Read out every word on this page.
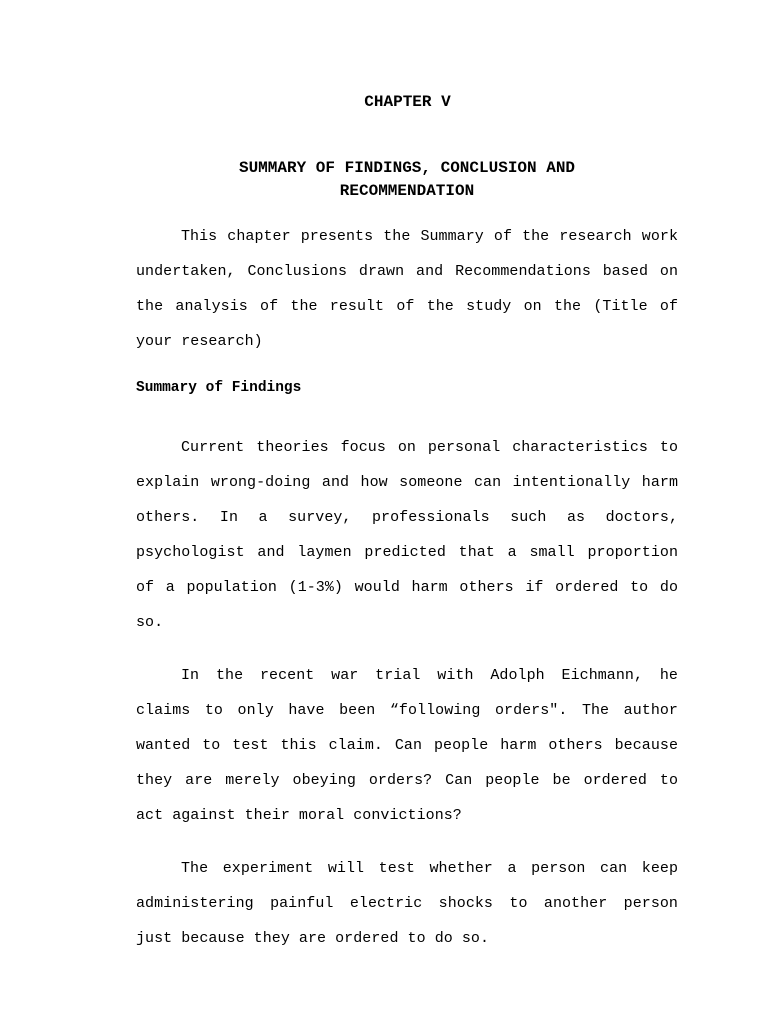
CHAPTER V
SUMMARY OF FINDINGS, CONCLUSION AND
RECOMMENDATION

This chapter presents the Summary of the research work undertaken, Conclusions drawn and Recommendations based on the analysis of the result of the study on the (Title of your research)

Summary of Findings

Current theories focus on personal characteristics to explain wrong-doing and how someone can intentionally harm others. In a survey, professionals such as doctors, psychologist and laymen predicted that a small proportion of a population (1-3%) would harm others if ordered to do so.

In the recent war trial with Adolph Eichmann, he claims to only have been “following orders". The author wanted to test this claim. Can people harm others because they are merely obeying orders? Can people be ordered to act against their moral convictions?

The experiment will test whether a person can keep administering painful electric shocks to another person just because they are ordered to do so.
